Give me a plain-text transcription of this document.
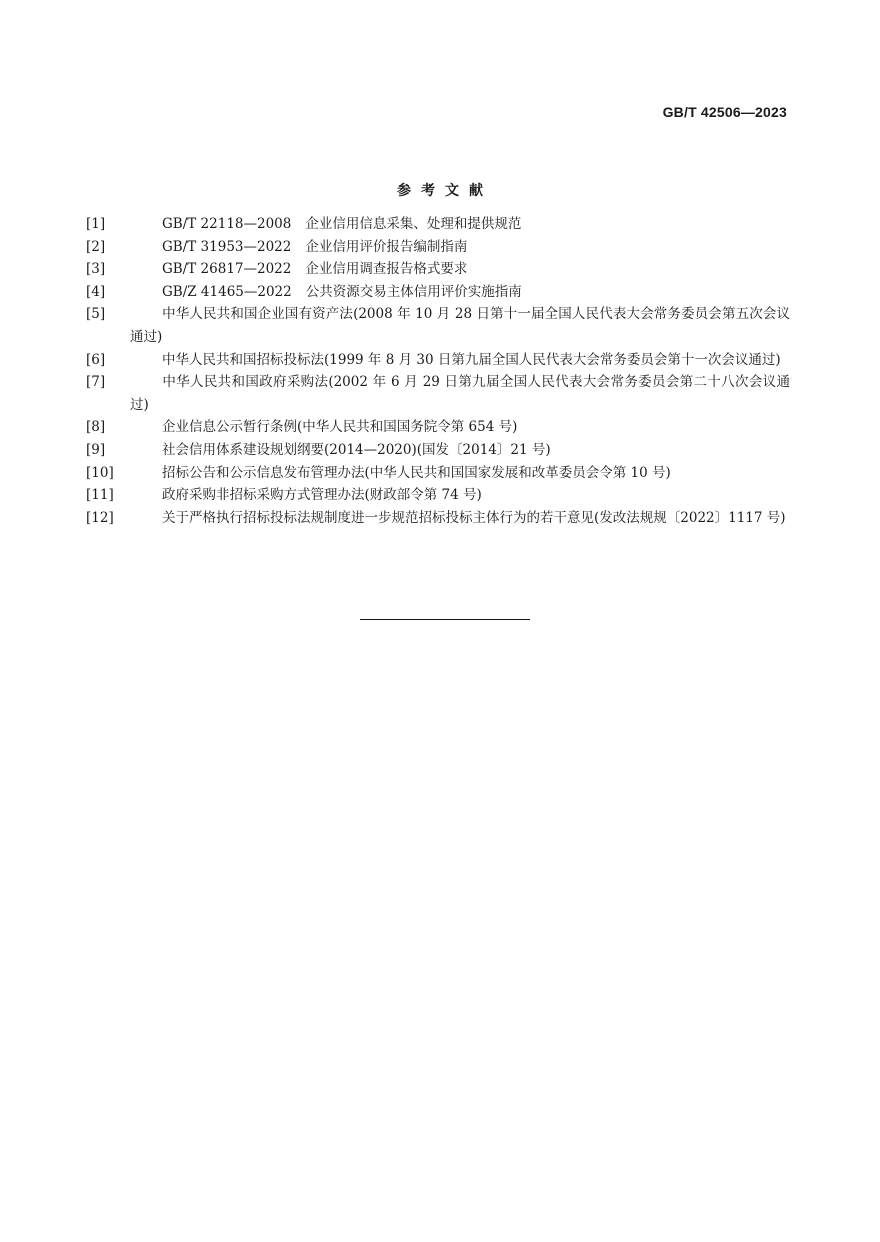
GB/T 42506—2023
参考文献
[1]	GB/T 22118—2008 企业信用信息采集、处理和提供规范
[2]	GB/T 31953—2022 企业信用评价报告编制指南
[3]	GB/T 26817—2022 企业信用调查报告格式要求
[4]	GB/Z 41465—2022 公共资源交易主体信用评价实施指南
[5]	中华人民共和国企业国有资产法(2008 年 10 月 28 日第十一届全国人民代表大会常务委员会第五次会议通过)
[6]	中华人民共和国招标投标法(1999 年 8 月 30 日第九届全国人民代表大会常务委员会第十一次会议通过)
[7]	中华人民共和国政府采购法(2002 年 6 月 29 日第九届全国人民代表大会常务委员会第二十八次会议通过)
[8]	企业信息公示暂行条例(中华人民共和国国务院令第 654 号)
[9]	社会信用体系建设规划纲要(2014—2020)(国发〔2014〕21 号)
[10]	招标公告和公示信息发布管理办法(中华人民共和国国家发展和改革委员会令第 10 号)
[11]	政府采购非招标采购方式管理办法(财政部令第 74 号)
[12]	关于严格执行招标投标法规制度进一步规范招标投标主体行为的若干意见(发改法规规〔2022〕1117 号)
